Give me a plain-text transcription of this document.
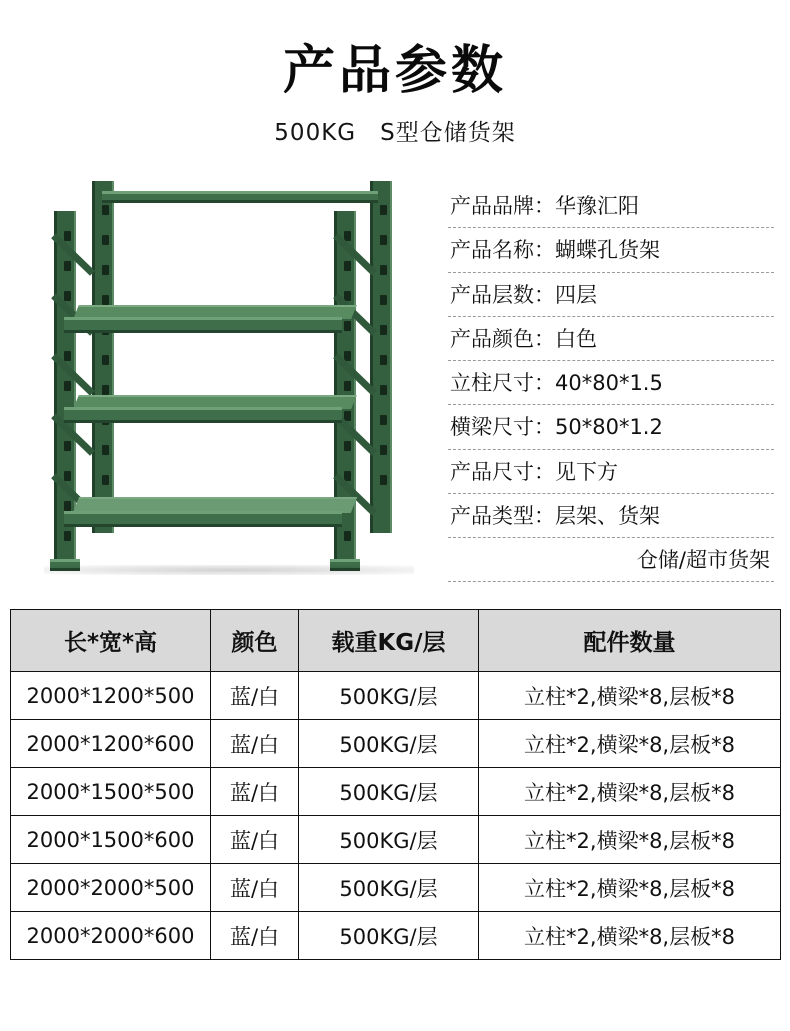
产品参数
500KG　S型仓储货架
产品品牌：华豫汇阳
产品名称：蝴蝶孔货架
产品层数：四层
产品颜色：白色
立柱尺寸：40*80*1.5
横梁尺寸：50*80*1.2
产品尺寸：见下方
产品类型：层架、货架
仓储/超市货架
长*宽*高	颜色	载重KG/层	配件数量
2000*1200*500	蓝/白	500KG/层	立柱*2,横梁*8,层板*8
2000*1200*600	蓝/白	500KG/层	立柱*2,横梁*8,层板*8
2000*1500*500	蓝/白	500KG/层	立柱*2,横梁*8,层板*8
2000*1500*600	蓝/白	500KG/层	立柱*2,横梁*8,层板*8
2000*2000*500	蓝/白	500KG/层	立柱*2,横梁*8,层板*8
2000*2000*600	蓝/白	500KG/层	立柱*2,横梁*8,层板*8
